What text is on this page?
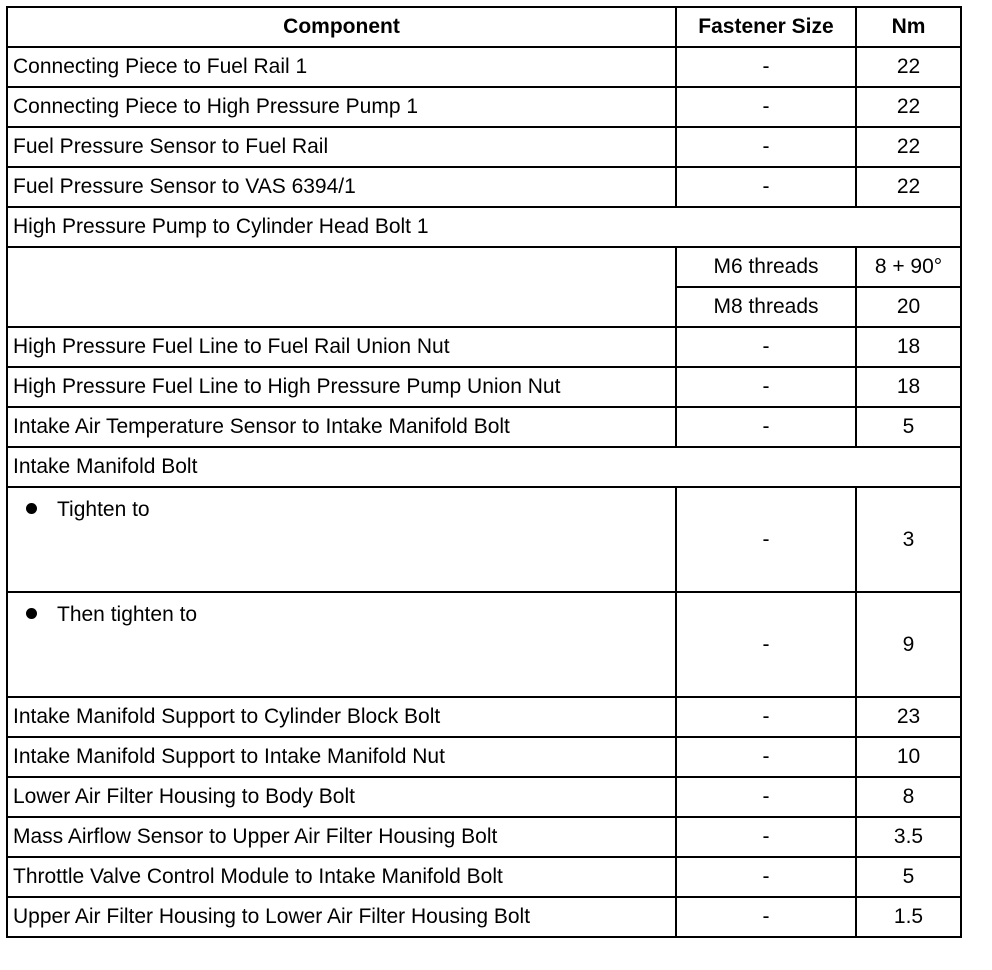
Component	Fastener Size	Nm
Connecting Piece to Fuel Rail 1	-	22
Connecting Piece to High Pressure Pump 1	-	22
Fuel Pressure Sensor to Fuel Rail	-	22
Fuel Pressure Sensor to VAS 6394/1	-	22
High Pressure Pump to Cylinder Head Bolt 1		
	M6 threads	8 + 90°
	M8 threads	20
High Pressure Fuel Line to Fuel Rail Union Nut	-	18
High Pressure Fuel Line to High Pressure Pump Union Nut	-	18
Intake Air Temperature Sensor to Intake Manifold Bolt	-	5
Intake Manifold Bolt		
Tighten to	-	3
Then tighten to	-	9
Intake Manifold Support to Cylinder Block Bolt	-	23
Intake Manifold Support to Intake Manifold Nut	-	10
Lower Air Filter Housing to Body Bolt	-	8
Mass Airflow Sensor to Upper Air Filter Housing Bolt	-	3.5
Throttle Valve Control Module to Intake Manifold Bolt	-	5
Upper Air Filter Housing to Lower Air Filter Housing Bolt	-	1.5
